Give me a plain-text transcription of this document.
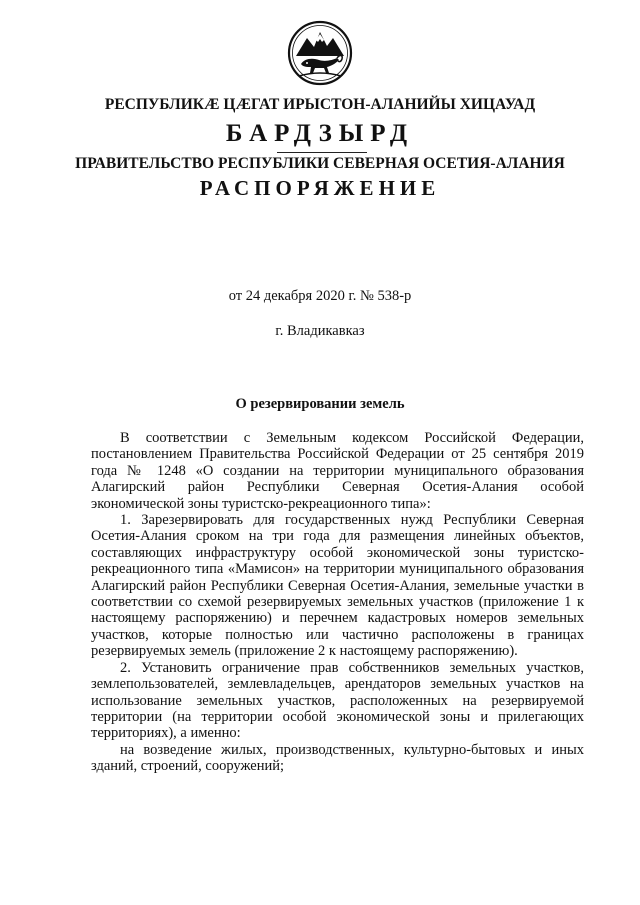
РЕСПУБЛИКÆ ЦÆГАТ ИРЫСТОН-АЛАНИЙЫ ХИЦАУАД
БАРДЗЫРД
ПРАВИТЕЛЬСТВО РЕСПУБЛИКИ СЕВЕРНАЯ ОСЕТИЯ-АЛАНИЯ
РАСПОРЯЖЕНИЕ
от 24 декабря 2020 г. № 538-р
г. Владикавказ
О резервировании земель

В соответствии с Земельным кодексом Российской Федерации, постановлением Правительства Российской Федерации от 25 сентября 2019 года № 1248 «О создании на территории муниципального образования Алагирский район Республики Северная Осетия-Алания особой экономической зоны туристско-рекреационного типа»:

1. Зарезервировать для государственных нужд Республики Северная Осетия-Алания сроком на три года для размещения линейных объектов, составляющих инфраструктуру особой экономической зоны туристско-рекреационного типа «Мамисон» на территории муниципального образования Алагирский район Республики Северная Осетия-Алания, земельные участки в соответствии со схемой резервируемых земельных участков (приложение 1 к настоящему распоряжению) и перечнем кадастровых номеров земельных участков, которые полностью или частично расположены в границах резервируемых земель (приложение 2 к настоящему распоряжению).

2. Установить ограничение прав собственников земельных участков, землепользователей, землевладельцев, арендаторов земельных участков на использование земельных участков, расположенных на резервируемой территории (на территории особой экономической зоны и прилегающих территориях), а именно:

на возведение жилых, производственных, культурно-бытовых и иных зданий, строений, сооружений;
